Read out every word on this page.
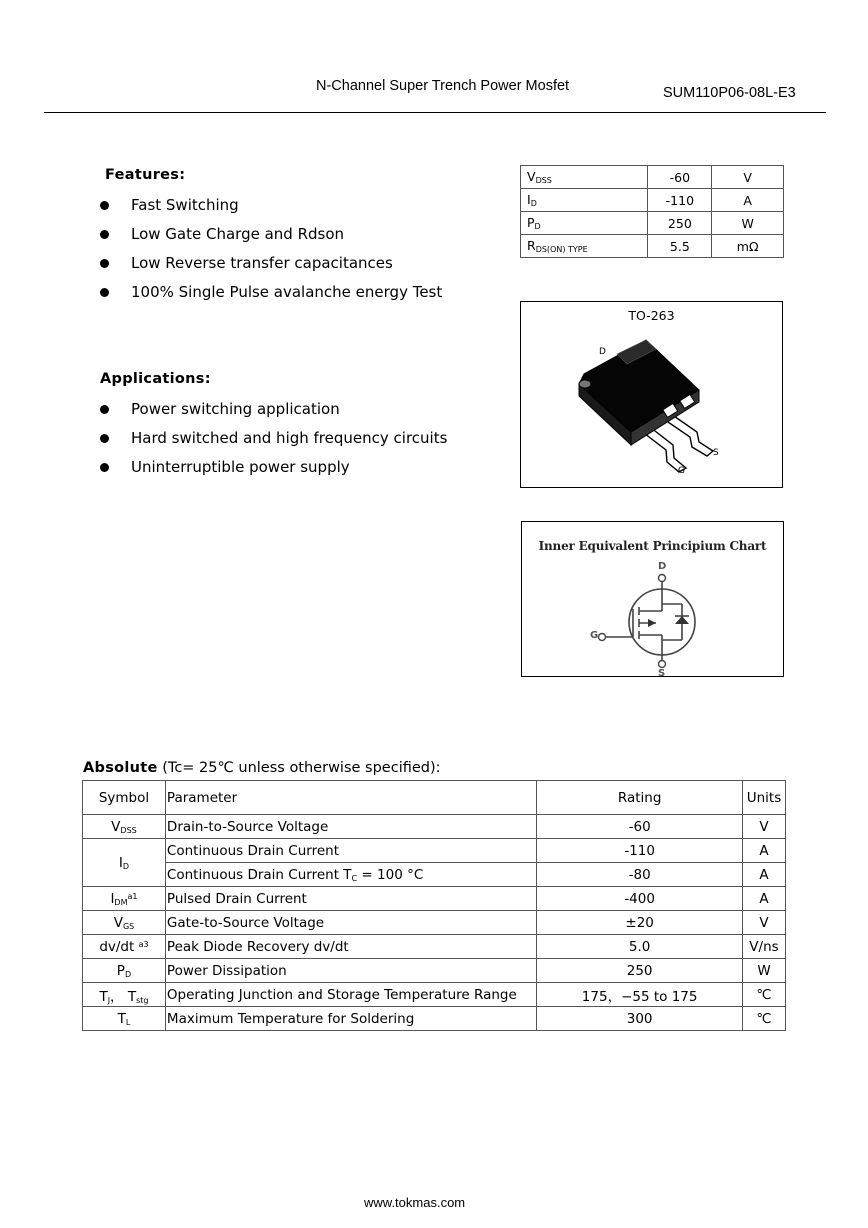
N-Channel Super Trench Power Mosfet	SUM110P06-08L-E3
Features:
Fast Switching
Low Gate Charge and Rdson
Low Reverse transfer capacitances
100% Single Pulse avalanche energy Test
Applications:
Power switching application
Hard switched and high frequency circuits
Uninterruptible power supply
$V_{DSS}$	-60	V
$I_D$	-110	A
$P_D$	250	W
$R_{DS(ON) TYPE}$	5.5	mΩ
TO-263
D
G
S
Inner Equivalent Principium Chart
D
G
S
Absolute (Tc= 25℃ unless otherwise specified):
Symbol	Parameter	Rating	Units
$V_{DSS}$	Drain-to-Source Voltage	-60	V
$I_D$	Continuous Drain Current	-110	A
	Continuous Drain Current $T_C = 100$ °C	-80	A
$I_{DM}^{a1}$	Pulsed Drain Current	-400	A
$V_{GS}$	Gate-to-Source Voltage	±20	V
dv/dt $^{a3}$	Peak Diode Recovery dv/dt	5.0	V/ns
$P_D$	Power Dissipation	250	W
$T_J$， $T_{stg}$	Operating Junction and Storage Temperature Range	175，−55 to 175	℃
$T_L$	Maximum Temperature for Soldering	300	℃
www.tokmas.com
